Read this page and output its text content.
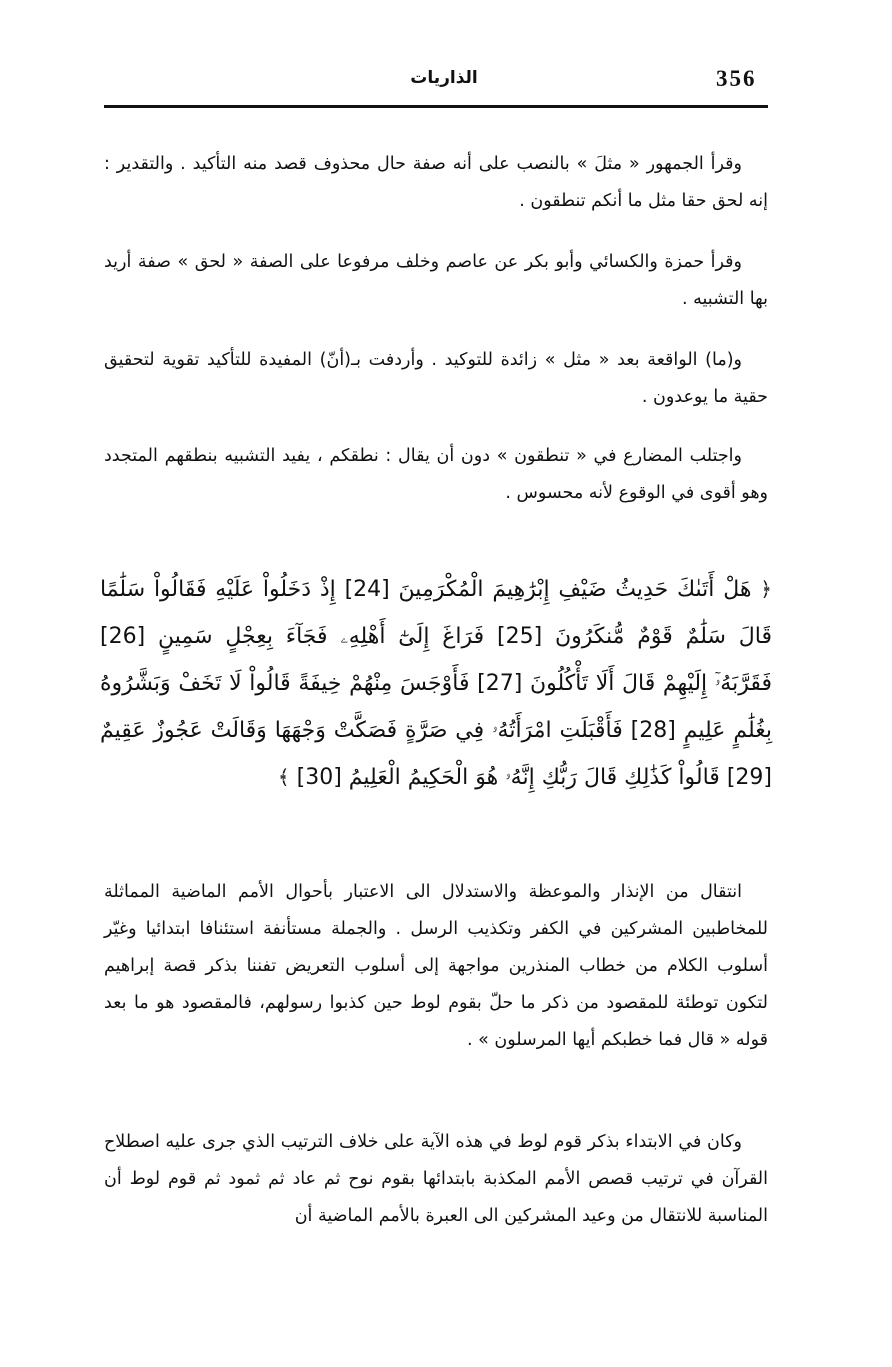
356
الذاريات

وقرأ الجمهور « مثلَ » بالنصب على أنه صفة حال محذوف قصد منه التأكيد . والتقدير : إنه لحق حقا مثل ما أنكم تنطقون .

وقرأ حمزة والكسائي وأبو بكر عن عاصم وخلف مرفوعا على الصفة « لحق » صفة أريد بها التشبيه .

و(ما) الواقعة بعد « مثل » زائدة للتوكيد . وأردفت بـ(أنّ) المفيدة للتأكيد تقوية لتحقيق حقية ما يوعدون .

واجتلب المضارع في « تنطقون » دون أن يقال : نطقكم ، يفيد التشبيه بنطقهم المتجدد وهو أقوى في الوقوع لأنه محسوس .

﴿ هَلْ أَتَىٰكَ حَدِيثُ ضَيْفِ إِبْرَٰهِيمَ الْمُكْرَمِينَ [24] إِذْ دَخَلُواْ عَلَيْهِ فَقَالُواْ سَلَٰمًا قَالَ سَلَٰمٌ قَوْمٌ مُّنكَرُونَ [25] فَرَاغَ إِلَىٰٓ أَهْلِهِۦ فَجَآءَ بِعِجْلٍ سَمِينٍ [26] فَقَرَّبَهُۥٓ إِلَيْهِمْ قَالَ أَلَا تَأْكُلُونَ [27] فَأَوْجَسَ مِنْهُمْ خِيفَةً قَالُواْ لَا تَخَفْ وَبَشَّرُوهُ بِغُلَٰمٍ عَلِيمٍ [28] فَأَقْبَلَتِ امْرَأَتُهُۥ فِي صَرَّةٍ فَصَكَّتْ وَجْهَهَا وَقَالَتْ عَجُوزٌ عَقِيمٌ [29] قَالُواْ كَذَٰلِكِ قَالَ رَبُّكِ إِنَّهُۥ هُوَ الْحَكِيمُ الْعَلِيمُ [30] ﴾

انتقال من الإنذار والموعظة والاستدلال الى الاعتبار بأحوال الأمم الماضية المماثلة للمخاطبين المشركين في الكفر وتكذيب الرسل . والجملة مستأنفة استئنافا ابتدائيا وغيّر أسلوب الكلام من خطاب المنذرين مواجهة إلى أسلوب التعريض تفننا بذكر قصة إبراهيم لتكون توطئة للمقصود من ذكر ما حلّ بقوم لوط حين كذبوا رسولهم، فالمقصود هو ما بعد قوله « قال فما خطبكم أيها المرسلون » .

وكان في الابتداء بذكر قوم لوط في هذه الآية على خلاف الترتيب الذي جرى عليه اصطلاح القرآن في ترتيب قصص الأمم المكذبة بابتدائها بقوم نوح ثم عاد ثم ثمود ثم قوم لوط أن المناسبة للانتقال من وعيد المشركين الى العبرة بالأمم الماضية أن
